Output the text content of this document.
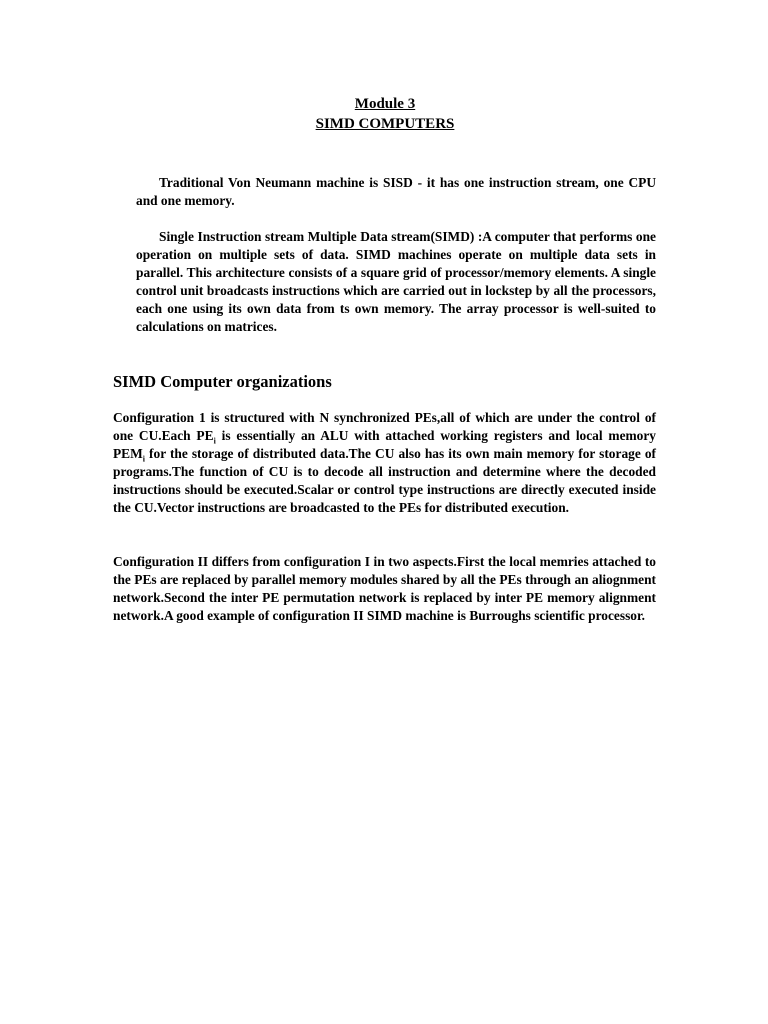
Module 3
SIMD COMPUTERS

Traditional Von Neumann machine is SISD - it has one instruction stream, one CPU and one memory.

Single Instruction stream Multiple Data stream(SIMD) :A computer that performs one operation on multiple sets of data. SIMD machines operate on multiple data sets in parallel. This architecture consists of a square grid of processor/memory elements. A single control unit broadcasts instructions which are carried out in lockstep by all the processors, each one using its own data from ts own memory. The array processor is well-suited to calculations on matrices.

SIMD Computer organizations

Configuration 1 is structured with N synchronized PEs,all of which are under the control of one CU.Each $PE_i$ is essentially an ALU with attached working registers and local memory $PEM_i$ for the storage of distributed data.The CU also has its own main memory for storage of programs.The function of CU is to decode all instruction and determine where the decoded instructions should be executed.Scalar or control type instructions are directly executed inside the CU.Vector instructions are broadcasted to the PEs for distributed execution.

Configuration II differs from configuration I in two aspects.First the local memries attached to the PEs are replaced by parallel memory modules shared by all the PEs through an aliognment network.Second the inter PE permutation network is replaced by inter PE memory alignment network.A good example of configuration II SIMD machine is Burroughs scientific processor.
